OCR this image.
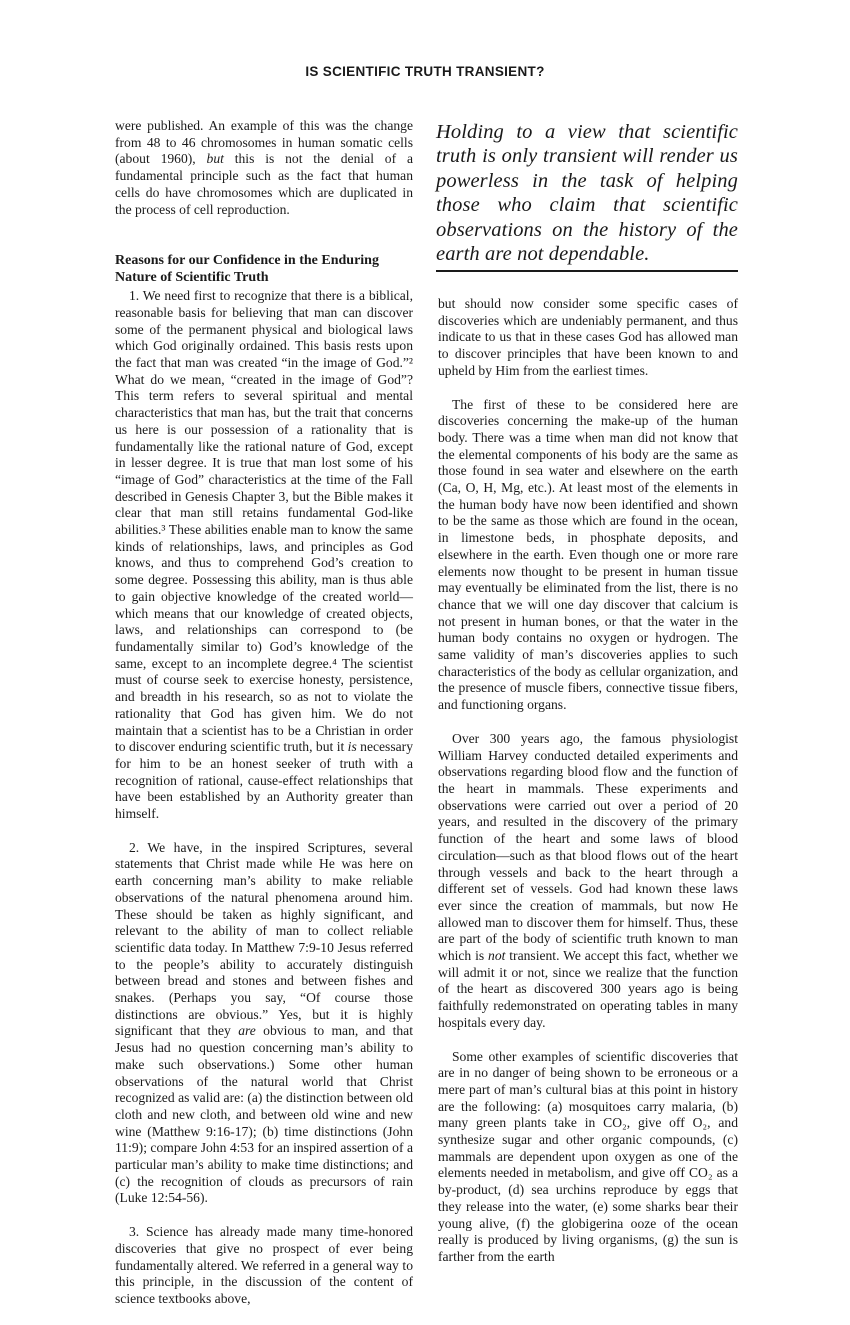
IS SCIENTIFIC TRUTH TRANSIENT?

were published. An example of this was the change from 48 to 46 chromosomes in human somatic cells (about 1960), but this is not the denial of a fundamental principle such as the fact that human cells do have chromosomes which are duplicated in the process of cell reproduction.

Reasons for our Confidence in the Enduring Nature of Scientific Truth

1. We need first to recognize that there is a biblical, reasonable basis for believing that man can discover some of the permanent physical and biological laws which God originally ordained. This basis rests upon the fact that man was created “in the image of God.”² What do we mean, “created in the image of God”? This term refers to several spiritual and mental characteristics that man has, but the trait that concerns us here is our possession of a rationality that is fundamentally like the rational nature of God, except in lesser degree. It is true that man lost some of his “image of God” characteristics at the time of the Fall described in Genesis Chapter 3, but the Bible makes it clear that man still retains fundamental God-like abilities.³ These abilities enable man to know the same kinds of relationships, laws, and principles as God knows, and thus to comprehend God’s creation to some degree. Possessing this ability, man is thus able to gain objective knowledge of the created world—which means that our knowledge of created objects, laws, and relationships can correspond to (be fundamentally similar to) God’s knowledge of the same, except to an incomplete degree.⁴ The scientist must of course seek to exercise honesty, persistence, and breadth in his research, so as not to violate the rationality that God has given him. We do not maintain that a scientist has to be a Christian in order to discover enduring scientific truth, but it is necessary for him to be an honest seeker of truth with a recognition of rational, cause-effect relationships that have been established by an Authority greater than himself.

2. We have, in the inspired Scriptures, several statements that Christ made while He was here on earth concerning man’s ability to make reliable observations of the natural phenomena around him. These should be taken as highly significant, and relevant to the ability of man to collect reliable scientific data today. In Matthew 7:9-10 Jesus referred to the people’s ability to accurately distinguish between bread and stones and between fishes and snakes. (Perhaps you say, “Of course those distinctions are obvious.” Yes, but it is highly significant that they are obvious to man, and that Jesus had no question concerning man’s ability to make such observations.) Some other human observations of the natural world that Christ recognized as valid are: (a) the distinction between old cloth and new cloth, and between old wine and new wine (Matthew 9:16-17); (b) time distinctions (John 11:9); compare John 4:53 for an inspired assertion of a particular man’s ability to make time distinctions; and (c) the recognition of clouds as precursors of rain (Luke 12:54-56).

3. Science has already made many time-honored discoveries that give no prospect of ever being fundamentally altered. We referred in a general way to this principle, in the discussion of the content of science textbooks above,

Holding to a view that scientific truth is only transient will render us powerless in the task of helping those who claim that scientific observations on the history of the earth are not dependable.

but should now consider some specific cases of discoveries which are undeniably permanent, and thus indicate to us that in these cases God has allowed man to discover principles that have been known to and upheld by Him from the earliest times.

The first of these to be considered here are discoveries concerning the make-up of the human body. There was a time when man did not know that the elemental components of his body are the same as those found in sea water and elsewhere on the earth (Ca, O, H, Mg, etc.). At least most of the elements in the human body have now been identified and shown to be the same as those which are found in the ocean, in limestone beds, in phosphate deposits, and elsewhere in the earth. Even though one or more rare elements now thought to be present in human tissue may eventually be eliminated from the list, there is no chance that we will one day discover that calcium is not present in human bones, or that the water in the human body contains no oxygen or hydrogen. The same validity of man’s discoveries applies to such characteristics of the body as cellular organization, and the presence of muscle fibers, connective tissue fibers, and functioning organs.

Over 300 years ago, the famous physiologist William Harvey conducted detailed experiments and observations regarding blood flow and the function of the heart in mammals. These experiments and observations were carried out over a period of 20 years, and resulted in the discovery of the primary function of the heart and some laws of blood circulation—such as that blood flows out of the heart through vessels and back to the heart through a different set of vessels. God had known these laws ever since the creation of mammals, but now He allowed man to discover them for himself. Thus, these are part of the body of scientific truth known to man which is not transient. We accept this fact, whether we will admit it or not, since we realize that the function of the heart as discovered 300 years ago is being faithfully redemonstrated on operating tables in many hospitals every day.

Some other examples of scientific discoveries that are in no danger of being shown to be erroneous or a mere part of man’s cultural bias at this point in history are the following: (a) mosquitoes carry malaria, (b) many green plants take in CO₂, give off O₂, and synthesize sugar and other organic compounds, (c) mammals are dependent upon oxygen as one of the elements needed in metabolism, and give off CO₂ as a by-product, (d) sea urchins reproduce by eggs that they release into the water, (e) some sharks bear their young alive, (f) the globigerina ooze of the ocean really is produced by living organisms, (g) the sun is farther from the earth
